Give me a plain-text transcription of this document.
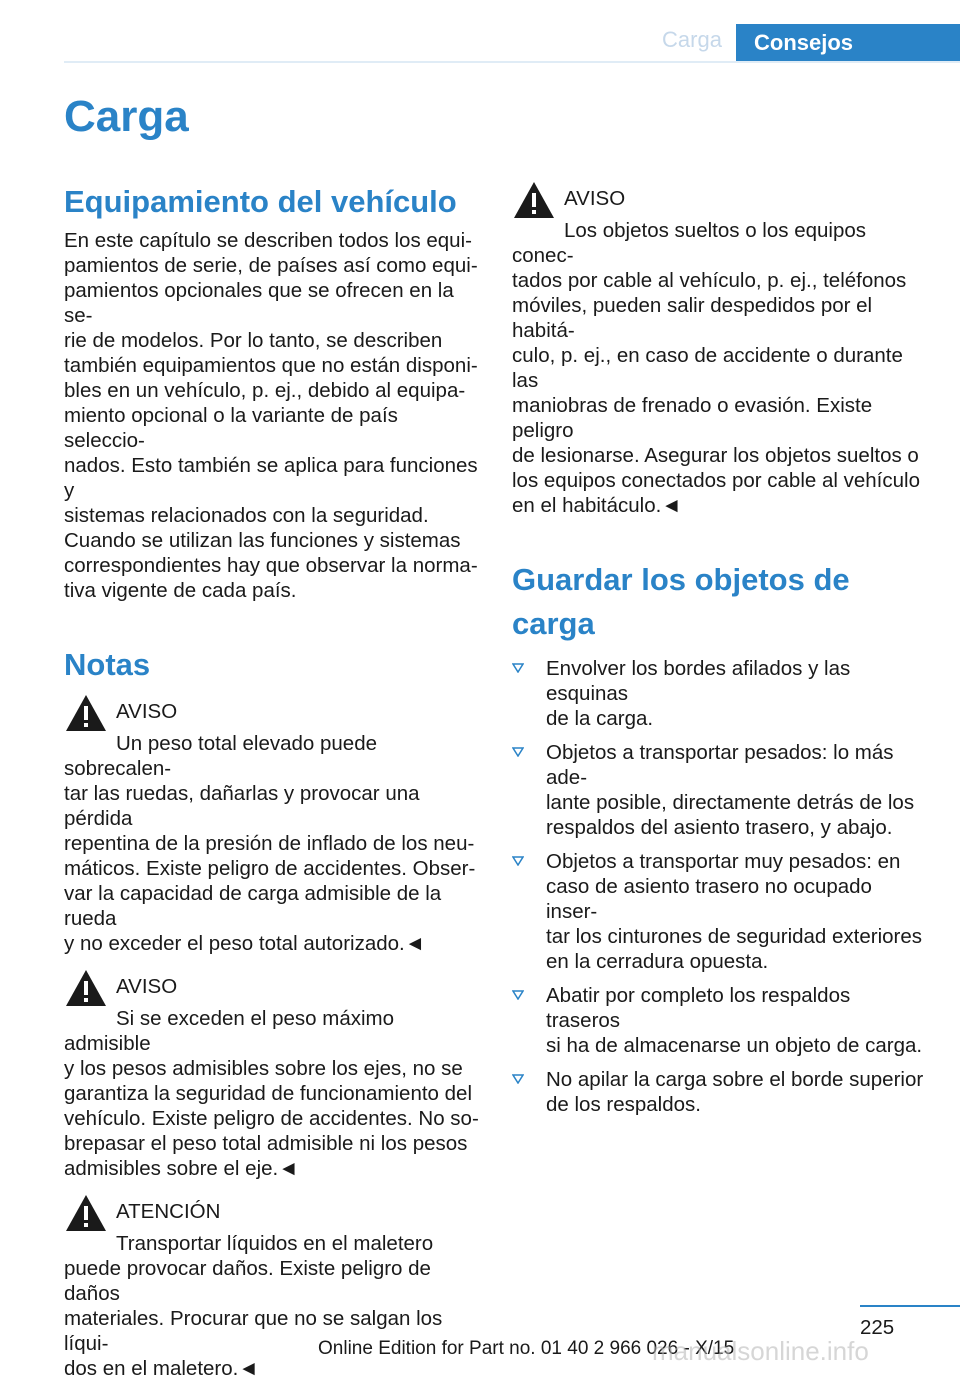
Carga	Consejos
Carga
Equipamiento del vehículo

En este capítulo se describen todos los equi-
pamientos de serie, de países así como equi-
pamientos opcionales que se ofrecen en la se-
rie de modelos. Por lo tanto, se describen
también equipamientos que no están disponi-
bles en un vehículo, p. ej., debido al equipa-
miento opcional o la variante de país seleccio-
nados. Esto también se aplica para funciones y
sistemas relacionados con la seguridad.
Cuando se utilizan las funciones y sistemas
correspondientes hay que observar la norma-
tiva vigente de cada país.

Notas
AVISO
Un peso total elevado puede sobrecalen-
tar las ruedas, dañarlas y provocar una pérdida
repentina de la presión de inflado de los neu-
máticos. Existe peligro de accidentes. Obser-
var la capacidad de carga admisible de la rueda
y no exceder el peso total autorizado.◄
AVISO
Si se exceden el peso máximo admisible
y los pesos admisibles sobre los ejes, no se
garantiza la seguridad de funcionamiento del
vehículo. Existe peligro de accidentes. No so-
brepasar el peso total admisible ni los pesos
admisibles sobre el eje.◄
ATENCIÓN
Transportar líquidos en el maletero
puede provocar daños. Existe peligro de daños
materiales. Procurar que no se salgan los líqui-
dos en el maletero.◄
AVISO
Los objetos sueltos o los equipos conec-
tados por cable al vehículo, p. ej., teléfonos
móviles, pueden salir despedidos por el habitá-
culo, p. ej., en caso de accidente o durante las
maniobras de frenado o evasión. Existe peligro
de lesionarse. Asegurar los objetos sueltos o
los equipos conectados por cable al vehículo
en el habitáculo.◄
Guardar los objetos de carga
Envolver los bordes afilados y las esquinas
de la carga.
Objetos a transportar pesados: lo más ade-
lante posible, directamente detrás de los
respaldos del asiento trasero, y abajo.
Objetos a transportar muy pesados: en
caso de asiento trasero no ocupado inser-
tar los cinturones de seguridad exteriores
en la cerradura opuesta.
Abatir por completo los respaldos traseros
si ha de almacenarse un objeto de carga.
No apilar la carga sobre el borde superior
de los respaldos.
225
Online Edition for Part no. 01 40 2 966 026 - X/15
manualsonline.info
